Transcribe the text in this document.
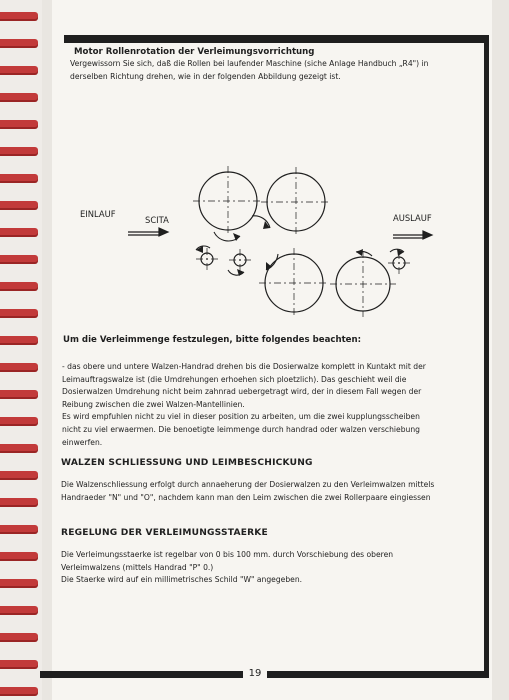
Motor Rollenrotation der Verleimungsvorrichtung
Vergewissorn Sie sich, daß die Rollen bei laufender Maschine (siche Anlage Handbuch „R4") in
derselben Richtung drehen, wie in der folgenden Abbildung gezeigt ist.
EINLAUF
SCITA	AUSLAUF
Um die Verleimmenge festzulegen, bitte folgendes beachten:
- das obere und untere Walzen-Handrad drehen bis die Dosierwalze komplett in Kuntakt mit der
Leimauftragswalze ist (die Umdrehungen erhoehen sich ploetzlich). Das geschieht weil die
Dosierwalzen Umdrehung nicht beim zahnrad uebergetragt wird, der in diesem Fall wegen der
Reibung zwischen die zwei Walzen-Mantellinien.
Es wird empfuhlen nicht zu viel in dieser position zu arbeiten, um die zwei kupplungsscheiben
nicht zu viel erwaermen. Die benoetigte leimmenge durch handrad oder walzen verschiebung
einwerfen.
WALZEN SCHLIESSUNG UND LEIMBESCHICKUNG
Die Walzenschliessung erfolgt durch annaeherung der Dosierwalzen zu den Verleimwalzen mittels
Handraeder "N" und "O", nachdem kann man den Leim zwischen die zwei Rollerpaare eingiessen
REGELUNG DER VERLEIMUNGSSTAERKE
Die Verleimungsstaerke ist regelbar von 0 bis 100 mm. durch Vorschiebung des oberen
Verleimwalzens (mittels Handrad "P" 0.)
Die Staerke wird auf ein millimetrisches Schild "W" angegeben.
19
